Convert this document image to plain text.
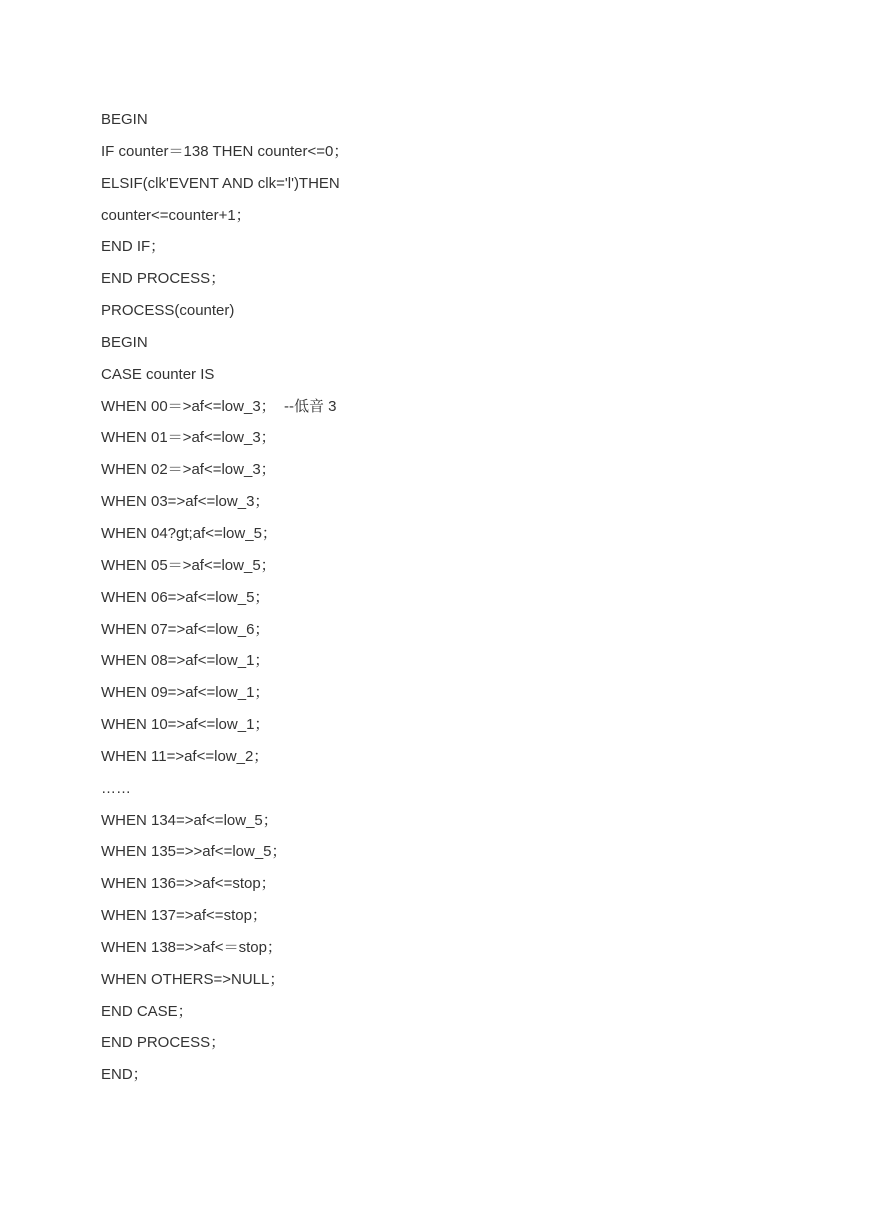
BEGIN
IF counter＝138 THEN counter<=0；
ELSIF(clk'EVENT AND clk='l')THEN
counter<=counter+1；
END IF；
END PROCESS；
PROCESS(counter)
BEGIN
CASE counter IS
WHEN 00＝>af<=low_3；  --低音 3
WHEN 01＝>af<=low_3；
WHEN 02＝>af<=low_3；
WHEN 03=>af<=low_3；
WHEN 04?gt;af<=low_5；
WHEN 05＝>af<=low_5；
WHEN 06=>af<=low_5；
WHEN 07=>af<=low_6；
WHEN 08=>af<=low_1；
WHEN 09=>af<=low_1；
WHEN 10=>af<=low_1；
WHEN 11=>af<=low_2；
……
WHEN 134=>af<=low_5；
WHEN 135=>>af<=low_5；
WHEN 136=>>af<=stop；
WHEN 137=>af<=stop；
WHEN 138=>>af<＝stop；
WHEN OTHERS=>NULL；
END CASE；
END PROCESS；
END；
